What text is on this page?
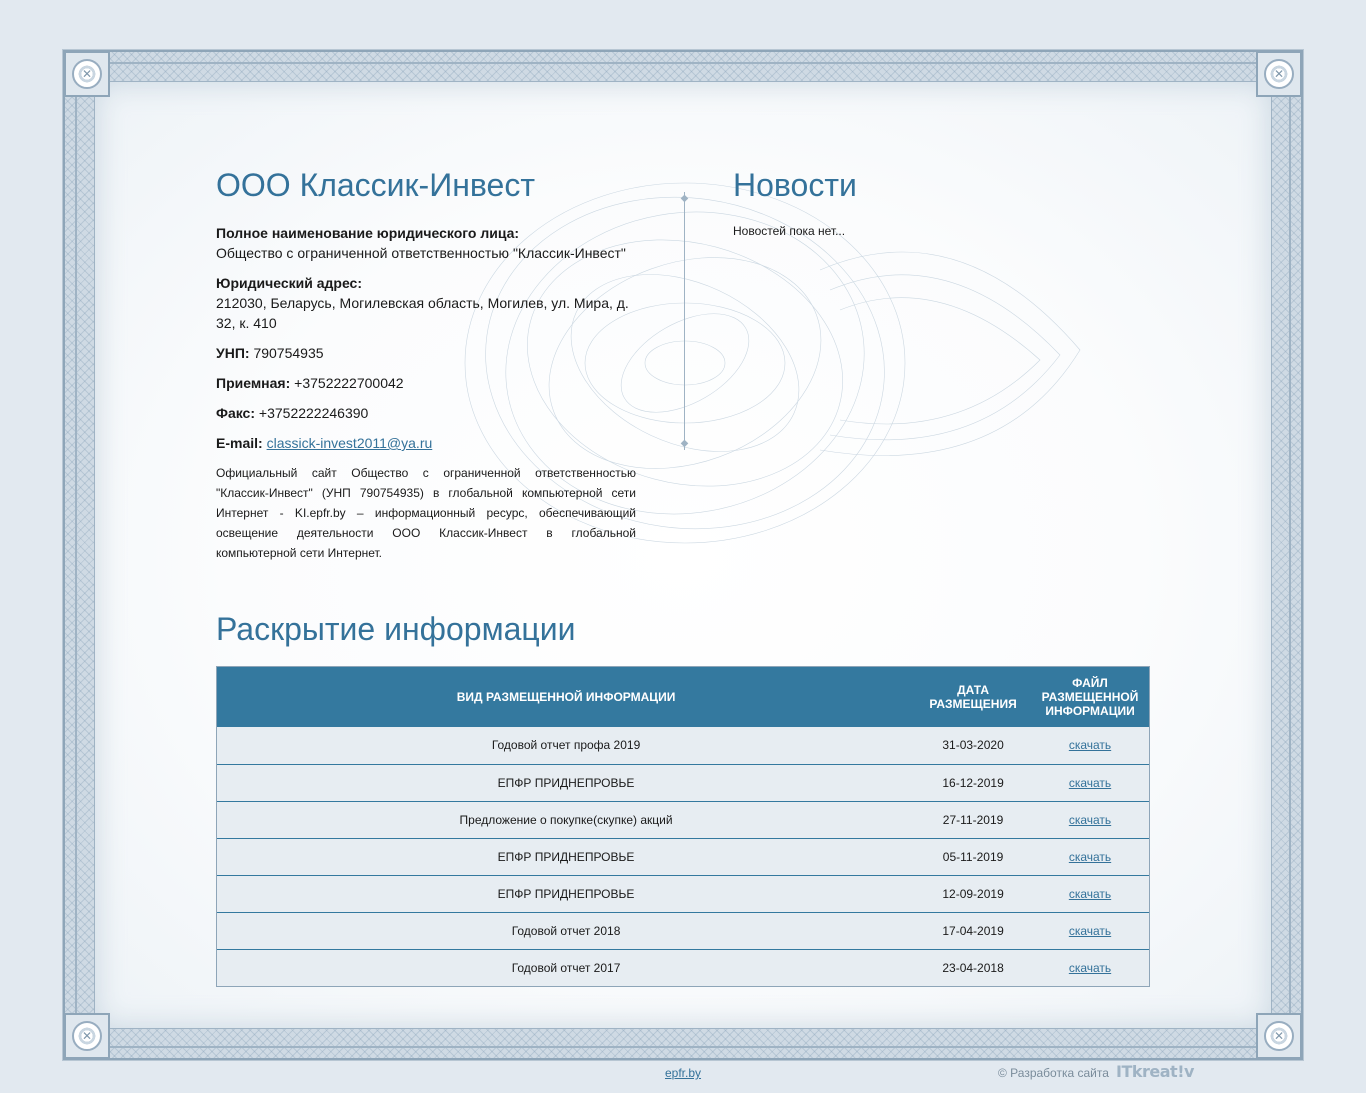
✕	✕
✕	✕
ООО Классик-Инвест

Полное наименование юридического лица:
Общество с ограниченной ответственностью "Классик-Инвест"

Юридический адрес:
212030, Беларусь, Могилевская область, Могилев, ул. Мира, д. 32, к. 410

УНП: 790754935

Приемная: +3752222700042

Факс: +3752222246390

E-mail: classick-invest2011@ya.ru

Официальный сайт Общество с ограниченной ответственностью "Классик-Инвест" (УНП 790754935) в глобальной компьютерной сети Интернет - KI.epfr.by – информационный ресурс, обеспечивающий освещение деятельности ООО Классик-Инвест в глобальной компьютерной сети Интернет.

◆
◆
Новости
Новостей пока нет...
Раскрытие информации
ВИД РАЗМЕЩЕННОЙ ИНФОРМАЦИИ	ДАТА РАЗМЕЩЕНИЯ	ФАЙЛ РАЗМЕЩЕННОЙ ИНФОРМАЦИИ
Годовой отчет профа 2019	31-03-2020	скачать
ЕПФР ПРИДНЕПРОВЬЕ	16-12-2019	скачать
Предложение о покупке(скупке) акций	27-11-2019	скачать
ЕПФР ПРИДНЕПРОВЬЕ	05-11-2019	скачать
ЕПФР ПРИДНЕПРОВЬЕ	12-09-2019	скачать
Годовой отчет 2018	17-04-2019	скачать
Годовой отчет 2017	23-04-2018	скачать
epfr.by	© Разработка сайта ITkreat!v
